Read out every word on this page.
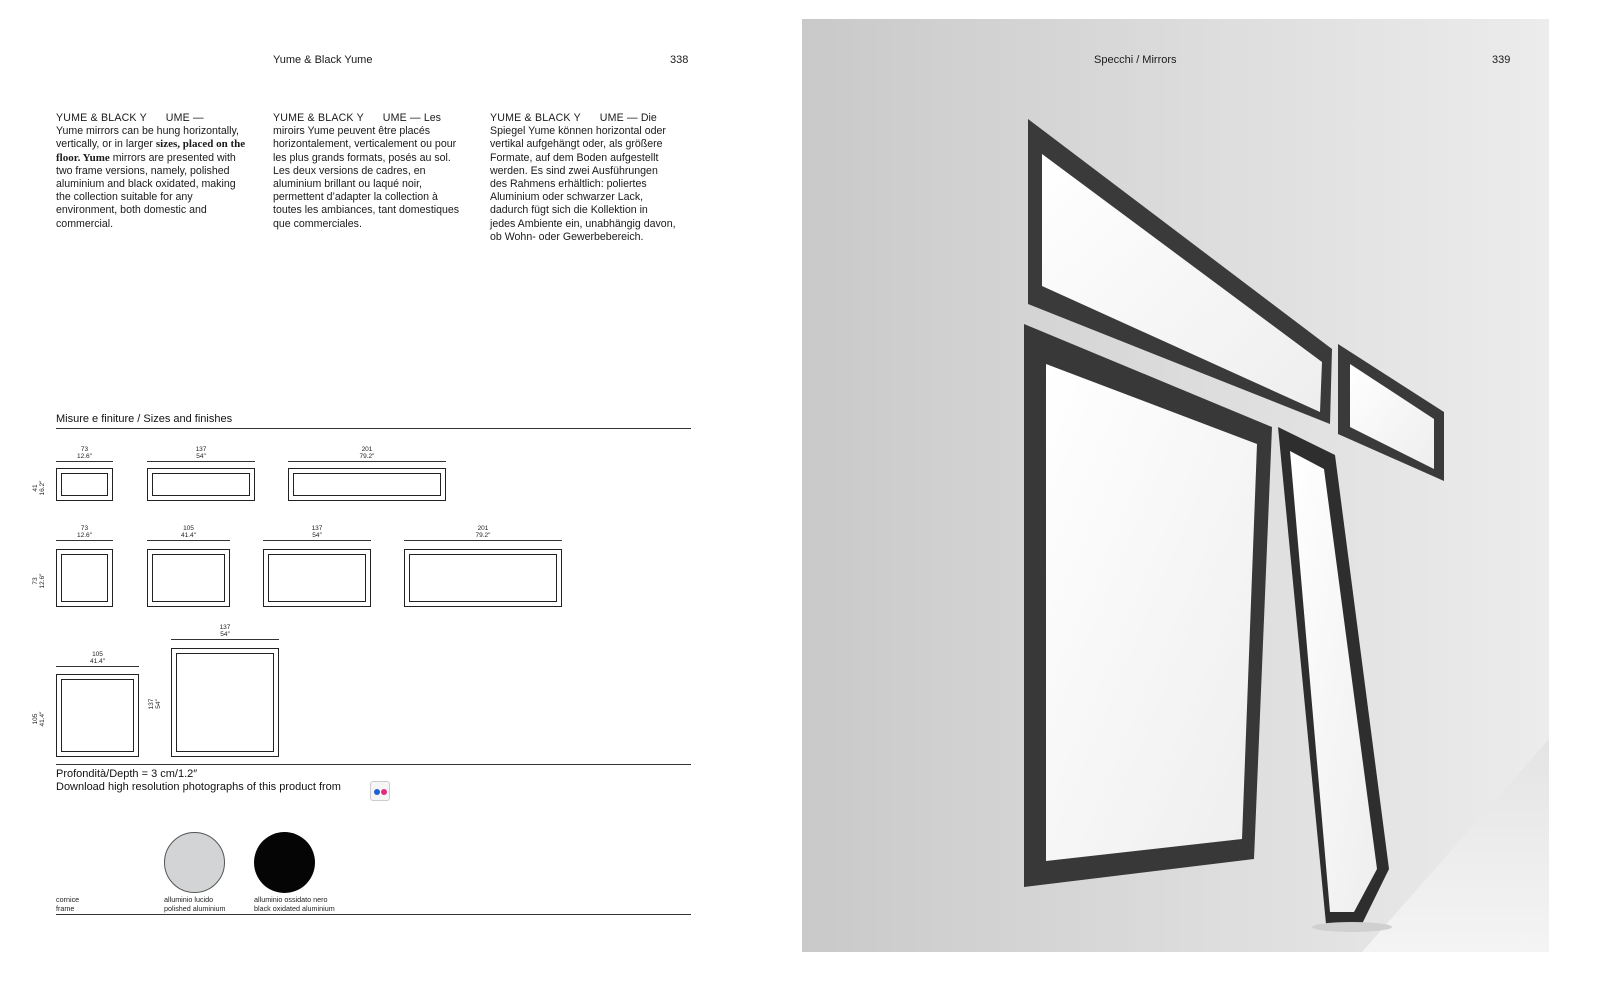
Yume & Black Yume	338

YUME & BLACK Y      UME —

Yume mirrors can be hung horizontally, vertically, or in larger sizes, placed on the floor. Yume mirrors are presented with two frame versions, namely, polished aluminium and black oxidated, making the collection suitable for any environment, both domestic and commercial.

YUME & BLACK Y      UME — Les miroirs Yume peuvent être placés horizontalement, verticalement ou pour les plus grands formats, posés au sol. Les deux versions de cadres, en aluminium brillant ou laqué noir, permettent d’adapter la collection à toutes les ambiances, tant domestiques que commerciales.

YUME & BLACK Y      UME — Die Spiegel Yume können horizontal oder vertikal aufgehängt oder, als größere Formate, auf dem Boden aufgestellt werden. Es sind zwei Ausführungen des Rahmens erhältlich: poliertes Aluminium oder schwarzer Lack, dadurch fügt sich die Kollektion in jedes Ambiente ein, unabhängig davon, ob Wohn- oder Gewerbebereich.

Misure e finiture / Sizes and finishes
41
16.2″
73
12.6″
137
54″
201
79.2″
73
12.6″
73
12.6″
105
41.4″
137
54″
201
79.2″
105
41.4″
105
41.4″
137
54″
137
54″
Profondità/Depth = 3 cm/1.2″
Download high resolution photographs of this product from
cornice
frame
alluminio lucido
polished aluminium
alluminio ossidato nero
black oxidated aluminium
Specchi / Mirrors	339
